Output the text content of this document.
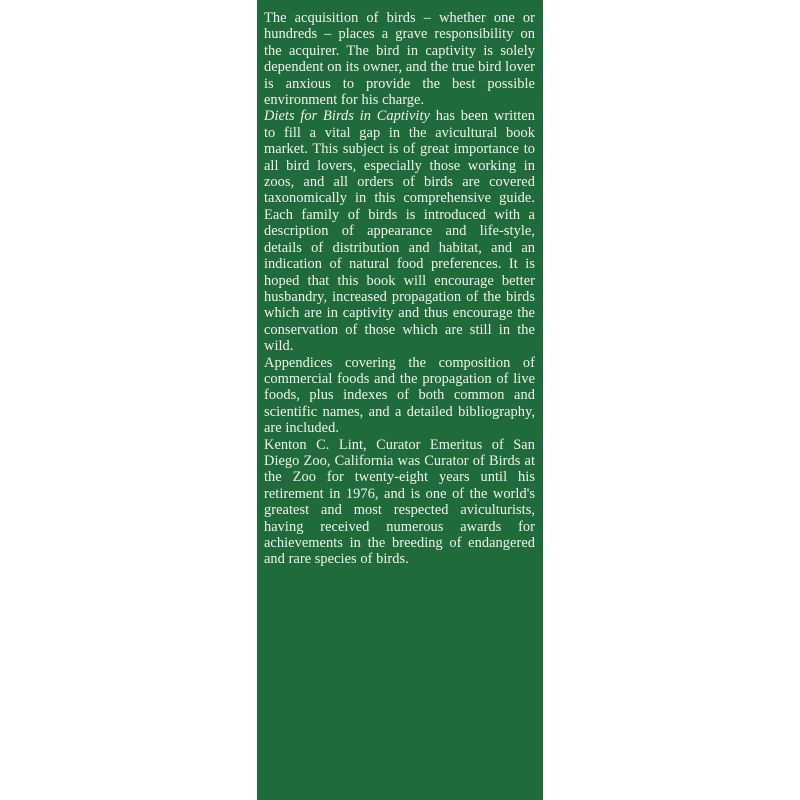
The acquisition of birds – whether one or hundreds – places a grave responsibility on the acquirer. The bird in captivity is solely dependent on its owner, and the true bird lover is anxious to provide the best possible environment for his charge.

Diets for Birds in Captivity has been written to fill a vital gap in the avicultural book market. This subject is of great importance to all bird lovers, especially those working in zoos, and all orders of birds are covered taxonomically in this comprehensive guide. Each family of birds is introduced with a description of appearance and life-style, details of distribution and habitat, and an indication of natural food preferences. It is hoped that this book will encourage better husbandry, increased propagation of the birds which are in captivity and thus encourage the conservation of those which are still in the wild.

Appendices covering the composition of commercial foods and the propagation of live foods, plus indexes of both common and scientific names, and a detailed bibliography, are included.

Kenton C. Lint, Curator Emeritus of San Diego Zoo, California was Curator of Birds at the Zoo for twenty-eight years until his retirement in 1976, and is one of the world's greatest and most respected aviculturists, having received numerous awards for achievements in the breeding of endangered and rare species of birds.
